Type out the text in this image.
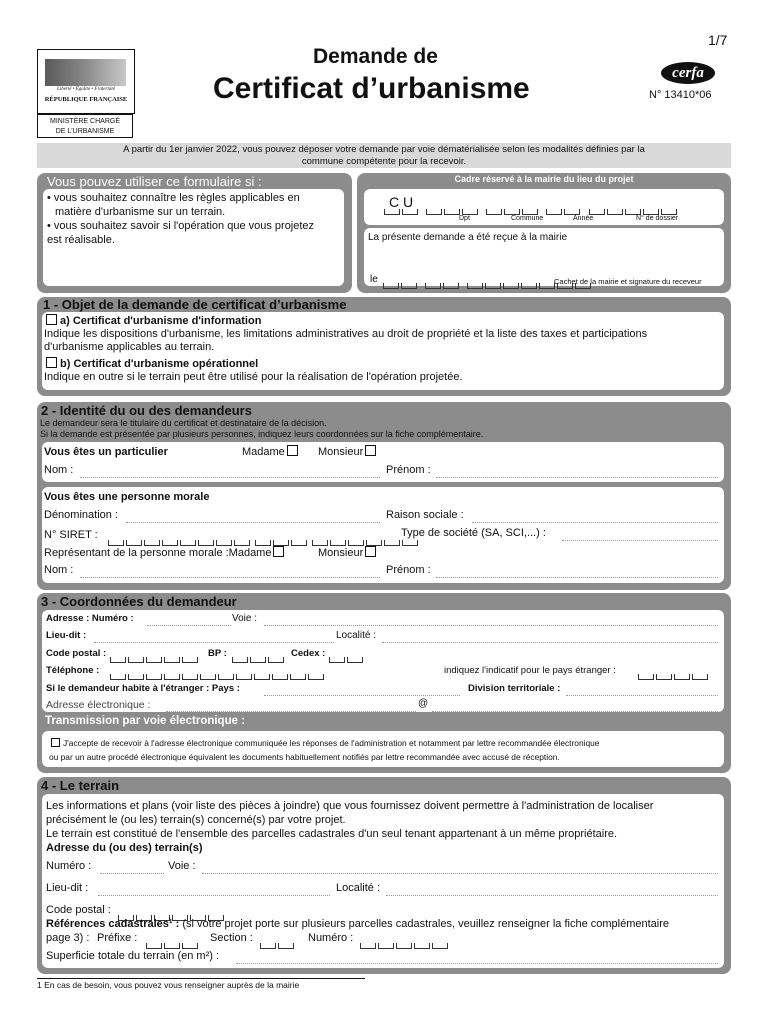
1/7
Liberté • Égalité • Fraternité
RÉPUBLIQUE FRANÇAISE
MINISTÈRE CHARGÉ
DE L'URBANISME
Demande de
Certificat d’urbanisme	cerfa
N° 13410*06
A partir du 1er janvier 2022, vous pouvez déposer votre demande par voie dématérialisée selon les modalités définies par la
commune compétente pour la recevoir.
Vous pouvez utiliser ce formulaire si :
• vous souhaitez connaître les règles applicables en
matière d'urbanisme sur un terrain.
• vous souhaitez savoir si l'opération que vous projetez
est réalisable.
Cadre réservé à la mairie du lieu du projet
C U

Dpt	Commune	Année	N° de dossier
La présente demande a été reçue à la mairie
le
	Cachet de la mairie et signature du receveur
1 - Objet de la demande de certificat d’urbanisme
a) Certificat d'urbanisme d'information
Indique les dispositions d'urbanisme, les limitations administratives au droit de propriété et la liste des taxes et participations
d'urbanisme applicables au terrain.
b) Certificat d'urbanisme opérationnel
Indique en outre si le terrain peut être utilisé pour la réalisation de l'opération projetée.
2 - Identité du ou des demandeurs
Le demandeur sera le titulaire du certificat et destinataire de la décision.
Si la demande est présentée par plusieurs personnes, indiquez leurs coordonnées sur la fiche complémentaire.
Vous êtes un particulier	Madame	Monsieur
Nom :	Prénom :
Vous êtes une personne morale
Dénomination :	Raison sociale :
N° SIRET :
	Type de société (SA, SCI,...) :
Représentant de la personne morale :Madame	Monsieur
Nom :	Prénom :
3 - Coordonnées du demandeur
Adresse : Numéro :	Voie :
Lieu-dit :	Localité :
Code postal :	BP :	Cedex :
Téléphone :	indiquez l'indicatif pour le pays étranger :
Si le demandeur habite à l'étranger : Pays :	Division territoriale :
Adresse électronique :	@
Transmission par voie électronique :
J'accepte de recevoir à l'adresse électronique communiquée les réponses de l'administration et notamment par lettre recommandée électronique
ou par un autre procédé électronique équivalent les documents habituellement notifiés par lettre recommandée avec accusé de réception.
4 - Le terrain
Les informations et plans (voir liste des pièces à joindre) que vous fournissez doivent permettre à l'administration de localiser
précisément le (ou les) terrain(s) concerné(s) par votre projet.
Le terrain est constitué de l'ensemble des parcelles cadastrales d'un seul tenant appartenant à un même propriétaire.
Adresse du (ou des) terrain(s)
Numéro :	Voie :
Lieu-dit :	Localité :
Code postal :
Références cadastrales¹ : (si votre projet porte sur plusieurs parcelles cadastrales, veuillez renseigner la fiche complémentaire
page 3) : Préfixe :	Section :	Numéro :
Superficie totale du terrain (en m²) :
1 En cas de besoin, vous pouvez vous renseigner auprès de la mairie
